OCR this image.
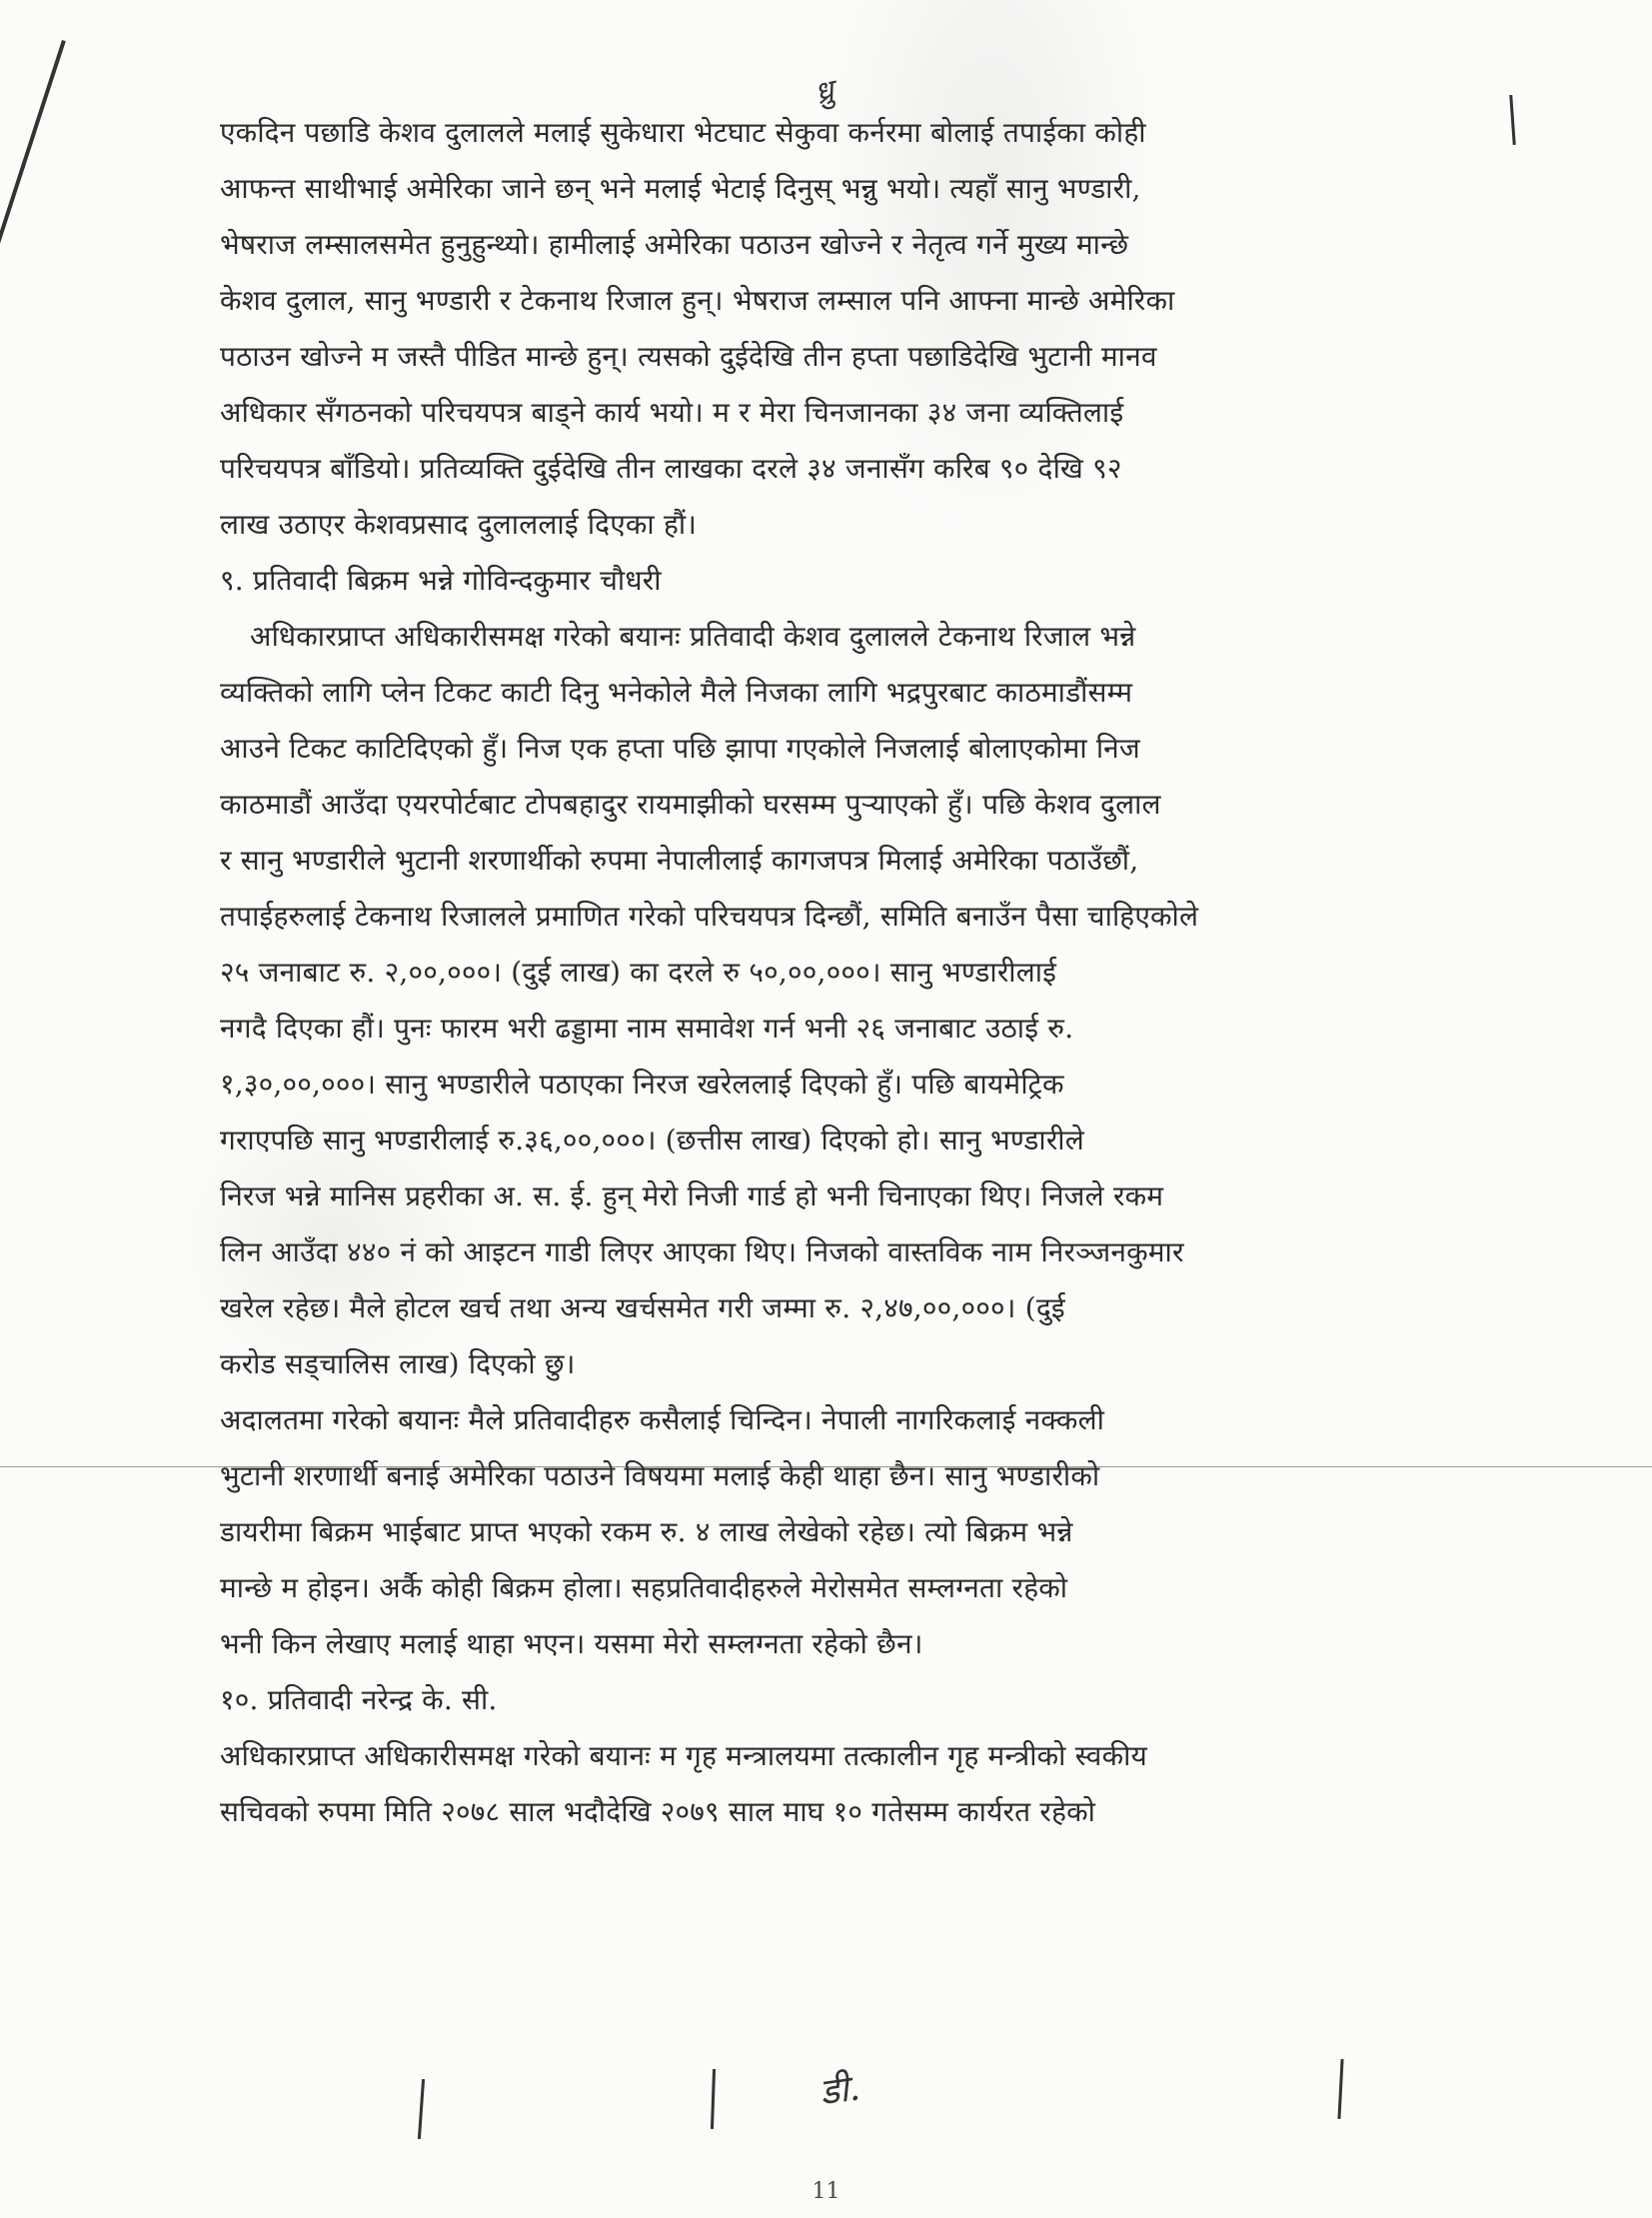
ध्रु
एकदिन पछाडि केशव दुलालले मलाई सुकेधारा भेटघाट सेकुवा कर्नरमा बोलाई तपाईका कोही
आफन्त साथीभाई अमेरिका जाने छन् भने मलाई भेटाई दिनुस् भन्नु भयो। त्यहाँ सानु भण्डारी,
भेषराज लम्सालसमेत हुनुहुन्थ्यो। हामीलाई अमेरिका पठाउन खोज्ने र नेतृत्व गर्ने मुख्य मान्छे
केशव दुलाल, सानु भण्डारी र टेकनाथ रिजाल हुन्। भेषराज लम्साल पनि आफ्ना मान्छे अमेरिका
पठाउन खोज्ने म जस्तै पीडित मान्छे हुन्। त्यसको दुईदेखि तीन हप्ता पछाडिदेखि भुटानी मानव
अधिकार सँगठनको परिचयपत्र बाड्ने कार्य भयो। म र मेरा चिनजानका ३४ जना व्यक्तिलाई
परिचयपत्र बाँडियो। प्रतिव्यक्ति दुईदेखि तीन लाखका दरले ३४ जनासँग करिब ९० देखि ९२
लाख उठाएर केशवप्रसाद दुलाललाई दिएका हौं।
९. प्रतिवादी बिक्रम भन्ने गोविन्दकुमार चौधरी
अधिकारप्राप्त अधिकारीसमक्ष गरेको बयानः प्रतिवादी केशव दुलालले टेकनाथ रिजाल भन्ने
व्यक्तिको लागि प्लेन टिकट काटी दिनु भनेकोले मैले निजका लागि भद्रपुरबाट काठमाडौंसम्म
आउने टिकट काटिदिएको हुँ। निज एक हप्ता पछि झापा गएकोले निजलाई बोलाएकोमा निज
काठमाडौं आउँदा एयरपोर्टबाट टोपबहादुर रायमाझीको घरसम्म पुर्‍याएको हुँ। पछि केशव दुलाल
र सानु भण्डारीले भुटानी शरणार्थीको रुपमा नेपालीलाई कागजपत्र मिलाई अमेरिका पठाउँछौं,
तपाईहरुलाई टेकनाथ रिजालले प्रमाणित गरेको परिचयपत्र दिन्छौं, समिति बनाउँन पैसा चाहिएकोले
२५ जनाबाट रु. २,००,०००। (दुई लाख) का दरले रु ५०,००,०००। सानु भण्डारीलाई
नगदै दिएका हौं। पुनः फारम भरी ढड्डामा नाम समावेश गर्न भनी २६ जनाबाट उठाई रु.
१,३०,००,०००। सानु भण्डारीले पठाएका निरज खरेललाई दिएको हुँ। पछि बायमेट्रिक
गराएपछि सानु भण्डारीलाई रु.३६,००,०००। (छत्तीस लाख) दिएको हो। सानु भण्डारीले
निरज भन्ने मानिस प्रहरीका अ. स. ई. हुन् मेरो निजी गार्ड हो भनी चिनाएका थिए। निजले रकम
लिन आउँदा ४४० नं को आइटन गाडी लिएर आएका थिए। निजको वास्तविक नाम निरञ्जनकुमार
खरेल रहेछ। मैले होटल खर्च तथा अन्य खर्चसमेत गरी जम्मा रु. २,४७,००,०००। (दुई
करोड सड्चालिस लाख) दिएको छु।
अदालतमा गरेको बयानः मैले प्रतिवादीहरु कसैलाई चिन्दिन। नेपाली नागरिकलाई नक्कली
भुटानी शरणार्थी बनाई अमेरिका पठाउने विषयमा मलाई केही थाहा छैन। सानु भण्डारीको
डायरीमा बिक्रम भाईबाट प्राप्त भएको रकम रु. ४ लाख लेखेको रहेछ। त्यो बिक्रम भन्ने
मान्छे म होइन। अर्कै कोही बिक्रम होला। सहप्रतिवादीहरुले मेरोसमेत सम्लग्नता रहेको
भनी किन लेखाए मलाई थाहा भएन। यसमा मेरो सम्लग्नता रहेको छैन।
१०. प्रतिवादी नरेन्द्र के. सी.
अधिकारप्राप्त अधिकारीसमक्ष गरेको बयानः म गृह मन्त्रालयमा तत्कालीन गृह मन्त्रीको स्वकीय
सचिवको रुपमा मिति २०७८ साल भदौदेखि २०७९ साल माघ १० गतेसम्म कार्यरत रहेको
डी.
11
